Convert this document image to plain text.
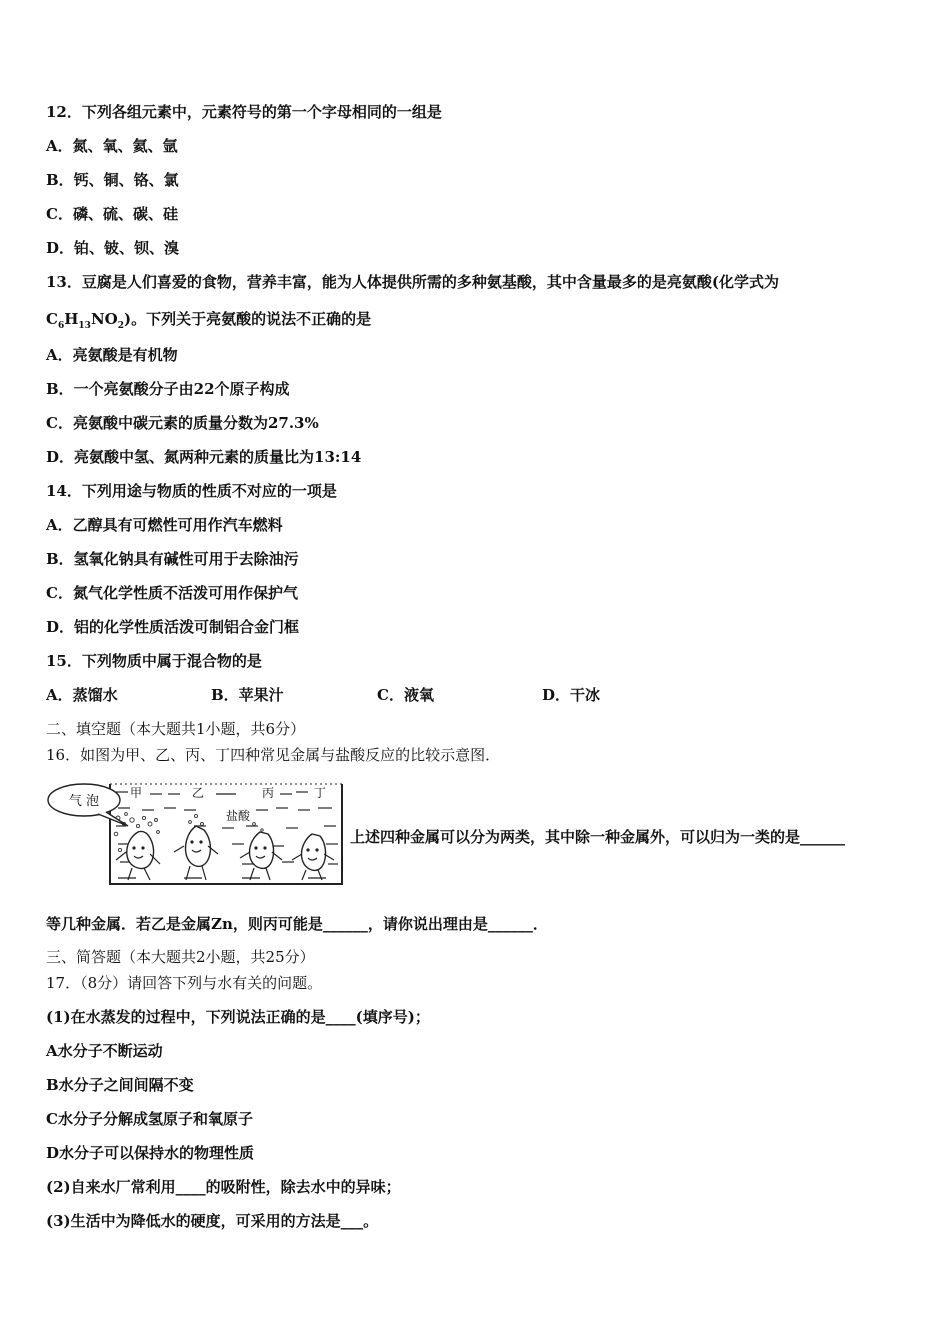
12．下列各组元素中，元素符号的第一个字母相同的一组是
A．氮、氧、氦、氩
B．钙、铜、铬、氯
C．磷、硫、碳、硅
D．铂、铍、钡、溴
13．豆腐是人们喜爱的食物，营养丰富，能为人体提供所需的多种氨基酸，其中含量最多的是亮氨酸(化学式为
$C_6H_{13}NO_2$)。下列关于亮氨酸的说法不正确的是
A．亮氨酸是有机物
B．一个亮氨酸分子由22个原子构成
C．亮氨酸中碳元素的质量分数为27.3%
D．亮氨酸中氢、氮两种元素的质量比为13:14
14．下列用途与物质的性质不对应的一项是
A．乙醇具有可燃性可用作汽车燃料
B．氢氧化钠具有碱性可用于去除油污
C．氮气化学性质不活泼可用作保护气
D．铝的化学性质活泼可制铝合金门框
15．下列物质中属于混合物的是
A．蒸馏水	B．苹果汁	C．液氧	D．干冰
二、填空题（本大题共1小题，共6分）
16．如图为甲、乙、丙、丁四种常见金属与盐酸反应的比较示意图．
气 泡
甲	乙	丙	丁
盐酸
上述四种金属可以分为两类，其中除一种金属外，可以归为一类的是______
等几种金属．若乙是金属Zn，则丙可能是______，请你说出理由是______．
三、简答题（本大题共2小题，共25分）
17．（8分）请回答下列与水有关的问题。
(1)在水蒸发的过程中，下列说法正确的是____(填序号)；
A水分子不断运动
B水分子之间间隔不变
C水分子分解成氢原子和氧原子
D水分子可以保持水的物理性质
(2)自来水厂常利用____的吸附性，除去水中的异味；
(3)生活中为降低水的硬度，可采用的方法是___。
